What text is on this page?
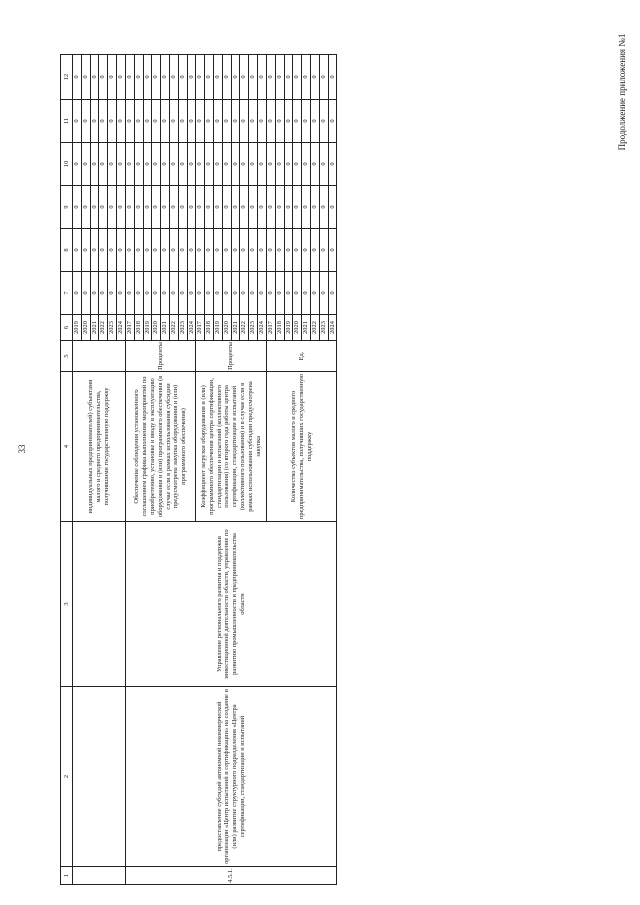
33
Продолжение приложения №1
1	2	3	4	5	6	7	8	9	10	11	12
			индивидуальных предпринимателей) субъектами малого и среднего предпринимательства, получившими государственную поддержку		2019	0	0	0	0	0	0
					2020	0	0	0	0	0	0
					2021	0	0	0	0	0	0
					2022	0	0	0	0	0	0
					2023	0	0	0	0	0	0
					2024	0	0	0	0	0	0
4.5.1.	предоставление субсидий автономной некоммерческой организации «Центр испытаний и сертификации» на создание и (или) развитие структурного подразделения «Центра сертификации, стандартизации и испытаний	Управление регионального развития и поддержки инвестиционной деятельности области, управление по развитию промышленности и предпринимательства области	Обеспечение соблюдения установленного соглашением графика выполнения мероприятий по приобретению, установке и вводу в эксплуатацию оборудования и (или) программного обеспечения (в случае если в рамках использования субсидии предусмотрена закупка оборудования и (или) программного обеспечения)	Проценты	2017	0	0	0	0	0	0
					2018	0	0	0	0	0	0
					2019	0	0	0	0	0	0
					2020	0	0	0	0	0	0
					2021	0	0	0	0	0	0
					2022	0	0	0	0	0	0
					2023	0	0	0	0	0	0
					2024	0	0	0	0	0	0
			Коэффициент загрузки оборудования и (или) программного обеспечения центра сертификации, стандартизации и испытаний (коллективного пользования) (со второго года работы центра сертификации, стандартизации и испытаний (коллективного пользования) и в случае если в рамках использования субсидии предусмотрена закупка	Проценты	2017	0	0	0	0	0	0
					2018	0	0	0	0	0	0
					2019	0	0	0	0	0	0
					2020	0	0	0	0	0	0
					2021	0	0	0	0	0	0
					2022	0	0	0	0	0	0
					2023	0	0	0	0	0	0
					2024	0	0	0	0	0	0
			Количество субъектов малого и среднего предпринимательства, получивших государственную поддержку	Ед.	2017	0	0	0	0	0	0
					2018	0	0	0	0	0	0
					2019	0	0	0	0	0	0
					2020	0	0	0	0	0	0
					2021	0	0	0	0	0	0
					2022	0	0	0	0	0	0
					2023	0	0	0	0	0	0
					2024	0	0	0	0	0	0
